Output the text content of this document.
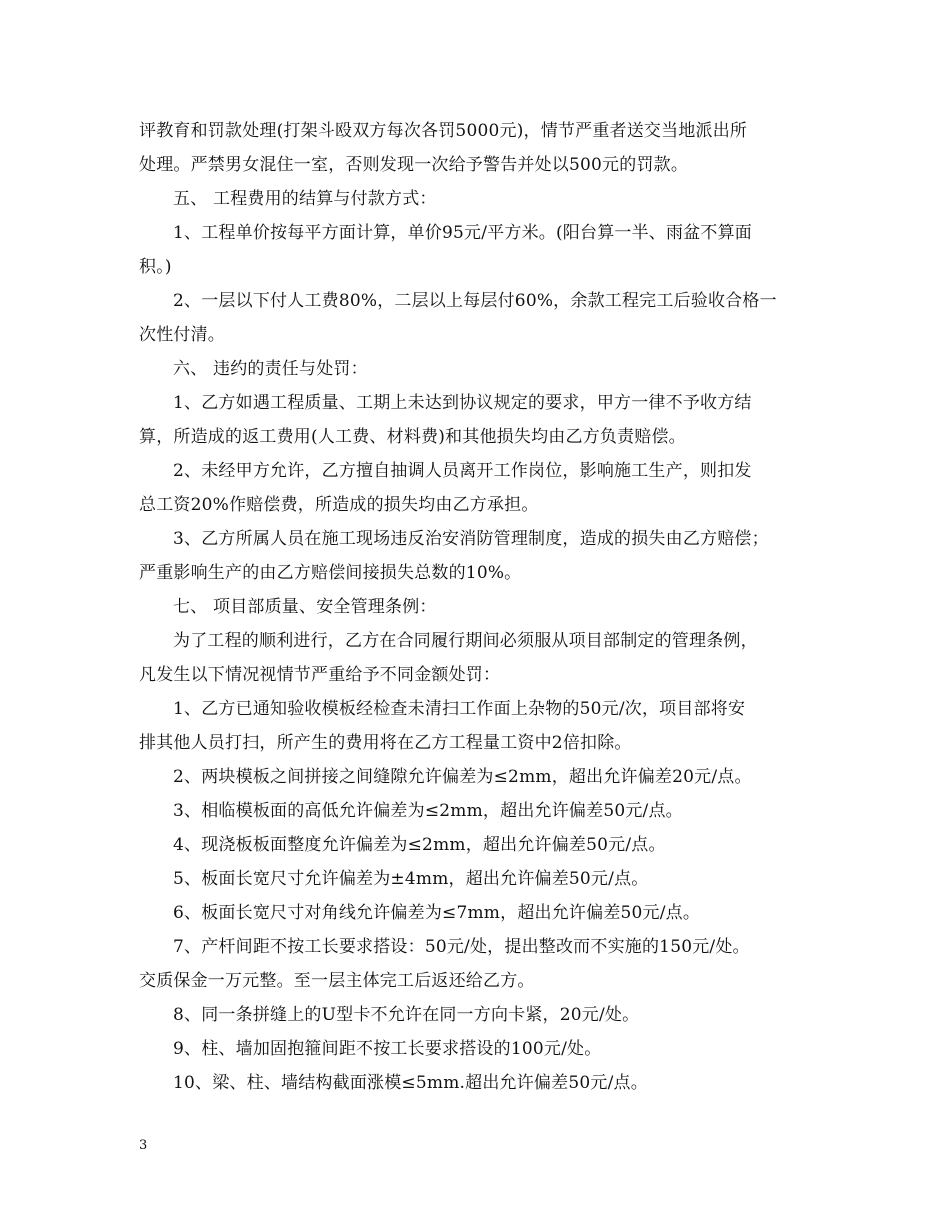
评教育和罚款处理(打架斗殴双方每次各罚5000元)，情节严重者送交当地派出所
处理。严禁男女混住一室，否则发现一次给予警告并处以500元的罚款。
五、 工程费用的结算与付款方式：
1、工程单价按每平方面计算，单价95元/平方米。(阳台算一半、雨盆不算面
积。)
2、一层以下付人工费80%，二层以上每层付60%，余款工程完工后验收合格一
次性付清。
六、 违约的责任与处罚：
1、乙方如遇工程质量、工期上未达到协议规定的要求，甲方一律不予收方结
算，所造成的返工费用(人工费、材料费)和其他损失均由乙方负责赔偿。
2、未经甲方允许，乙方擅自抽调人员离开工作岗位，影响施工生产，则扣发
总工资20%作赔偿费，所造成的损失均由乙方承担。
3、乙方所属人员在施工现场违反治安消防管理制度，造成的损失由乙方赔偿；
严重影响生产的由乙方赔偿间接损失总数的10%。
七、 项目部质量、安全管理条例：
为了工程的顺利进行，乙方在合同履行期间必须服从项目部制定的管理条例，
凡发生以下情况视情节严重给予不同金额处罚：
1、乙方已通知验收模板经检查未清扫工作面上杂物的50元/次，项目部将安
排其他人员打扫，所产生的费用将在乙方工程量工资中2倍扣除。
2、两块模板之间拼接之间缝隙允许偏差为≤2mm，超出允许偏差20元/点。
3、相临模板面的高低允许偏差为≤2mm，超出允许偏差50元/点。
4、现浇板板面整度允许偏差为≤2mm，超出允许偏差50元/点。
5、板面长宽尺寸允许偏差为±4mm，超出允许偏差50元/点。
6、板面长宽尺寸对角线允许偏差为≤7mm，超出允许偏差50元/点。
7、产杆间距不按工长要求搭设：50元/处，提出整改而不实施的150元/处。
交质保金一万元整。至一层主体完工后返还给乙方。
8、同一条拼缝上的U型卡不允许在同一方向卡紧，20元/处。
9、柱、墙加固抱箍间距不按工长要求搭设的100元/处。
10、梁、柱、墙结构截面涨模≤5mm.超出允许偏差50元/点。
3
